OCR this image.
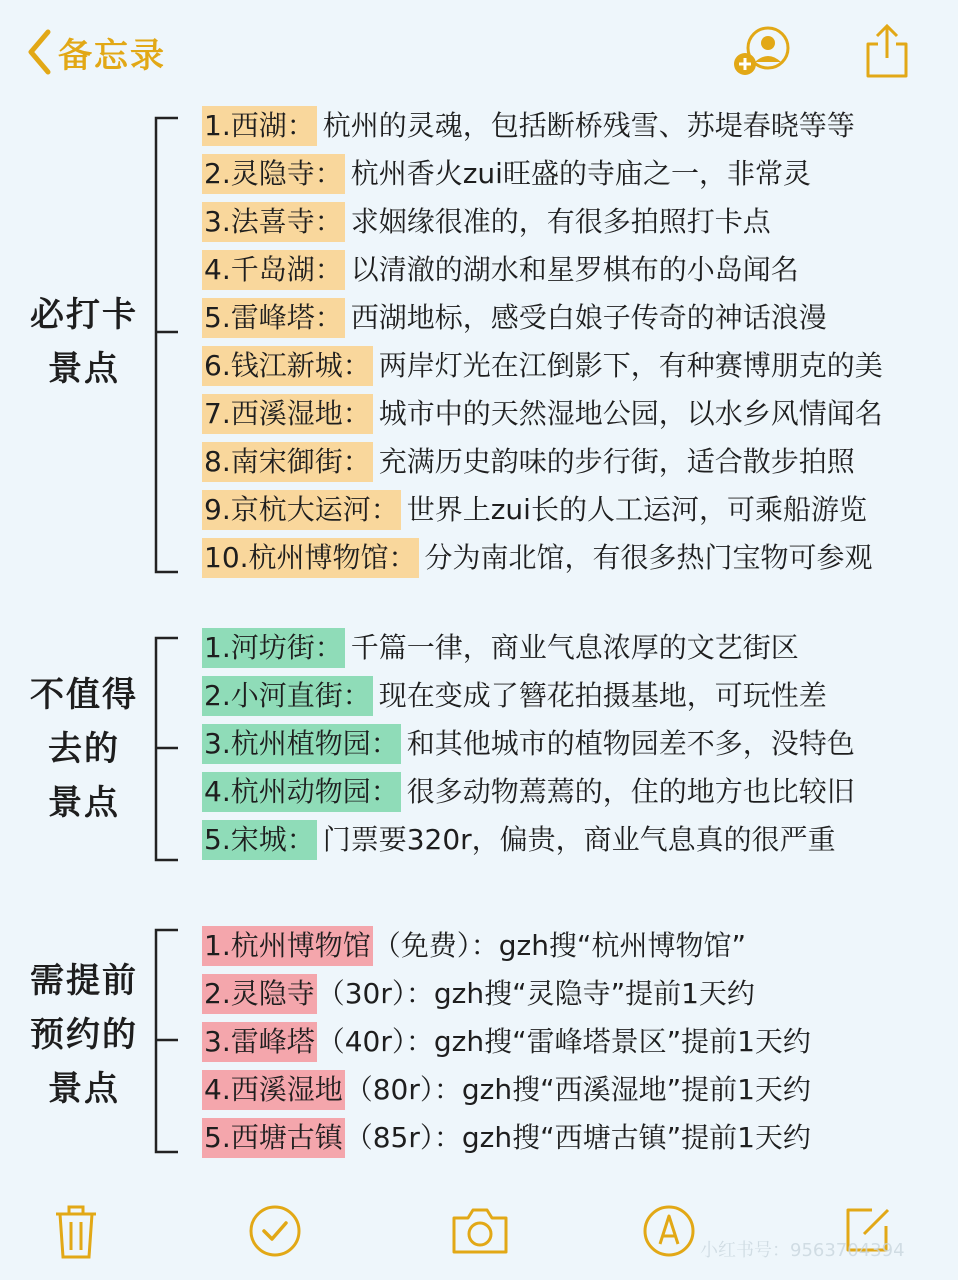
备忘录
必打卡
景点
1.西湖： 杭州的灵魂，包括断桥残雪、苏堤春晓等等
2.灵隐寺： 杭州香火zui旺盛的寺庙之一，非常灵
3.法喜寺： 求姻缘很准的，有很多拍照打卡点
4.千岛湖： 以清澈的湖水和星罗棋布的小岛闻名
5.雷峰塔： 西湖地标，感受白娘子传奇的神话浪漫
6.钱江新城： 两岸灯光在江倒影下，有种赛博朋克的美
7.西溪湿地： 城市中的天然湿地公园，以水乡风情闻名
8.南宋御街： 充满历史韵味的步行街，适合散步拍照
9.京杭大运河： 世界上zui长的人工运河，可乘船游览
10.杭州博物馆： 分为南北馆，有很多热门宝物可参观
不值得
去的
景点
1.河坊街： 千篇一律，商业气息浓厚的文艺街区
2.小河直街： 现在变成了簪花拍摄基地，可玩性差
3.杭州植物园： 和其他城市的植物园差不多，没特色
4.杭州动物园： 很多动物蔫蔫的，住的地方也比较旧
5.宋城： 门票要320r，偏贵，商业气息真的很严重
需提前
预约的
景点
1.杭州博物馆 （免费）：gzh搜“杭州博物馆”
2.灵隐寺 （30r）：gzh搜“灵隐寺”提前1天约
3.雷峰塔 （40r）：gzh搜“雷峰塔景区”提前1天约
4.西溪湿地 （80r）：gzh搜“西溪湿地”提前1天约
5.西塘古镇 （85r）：gzh搜“西塘古镇”提前1天约
小红书号：9563704394
